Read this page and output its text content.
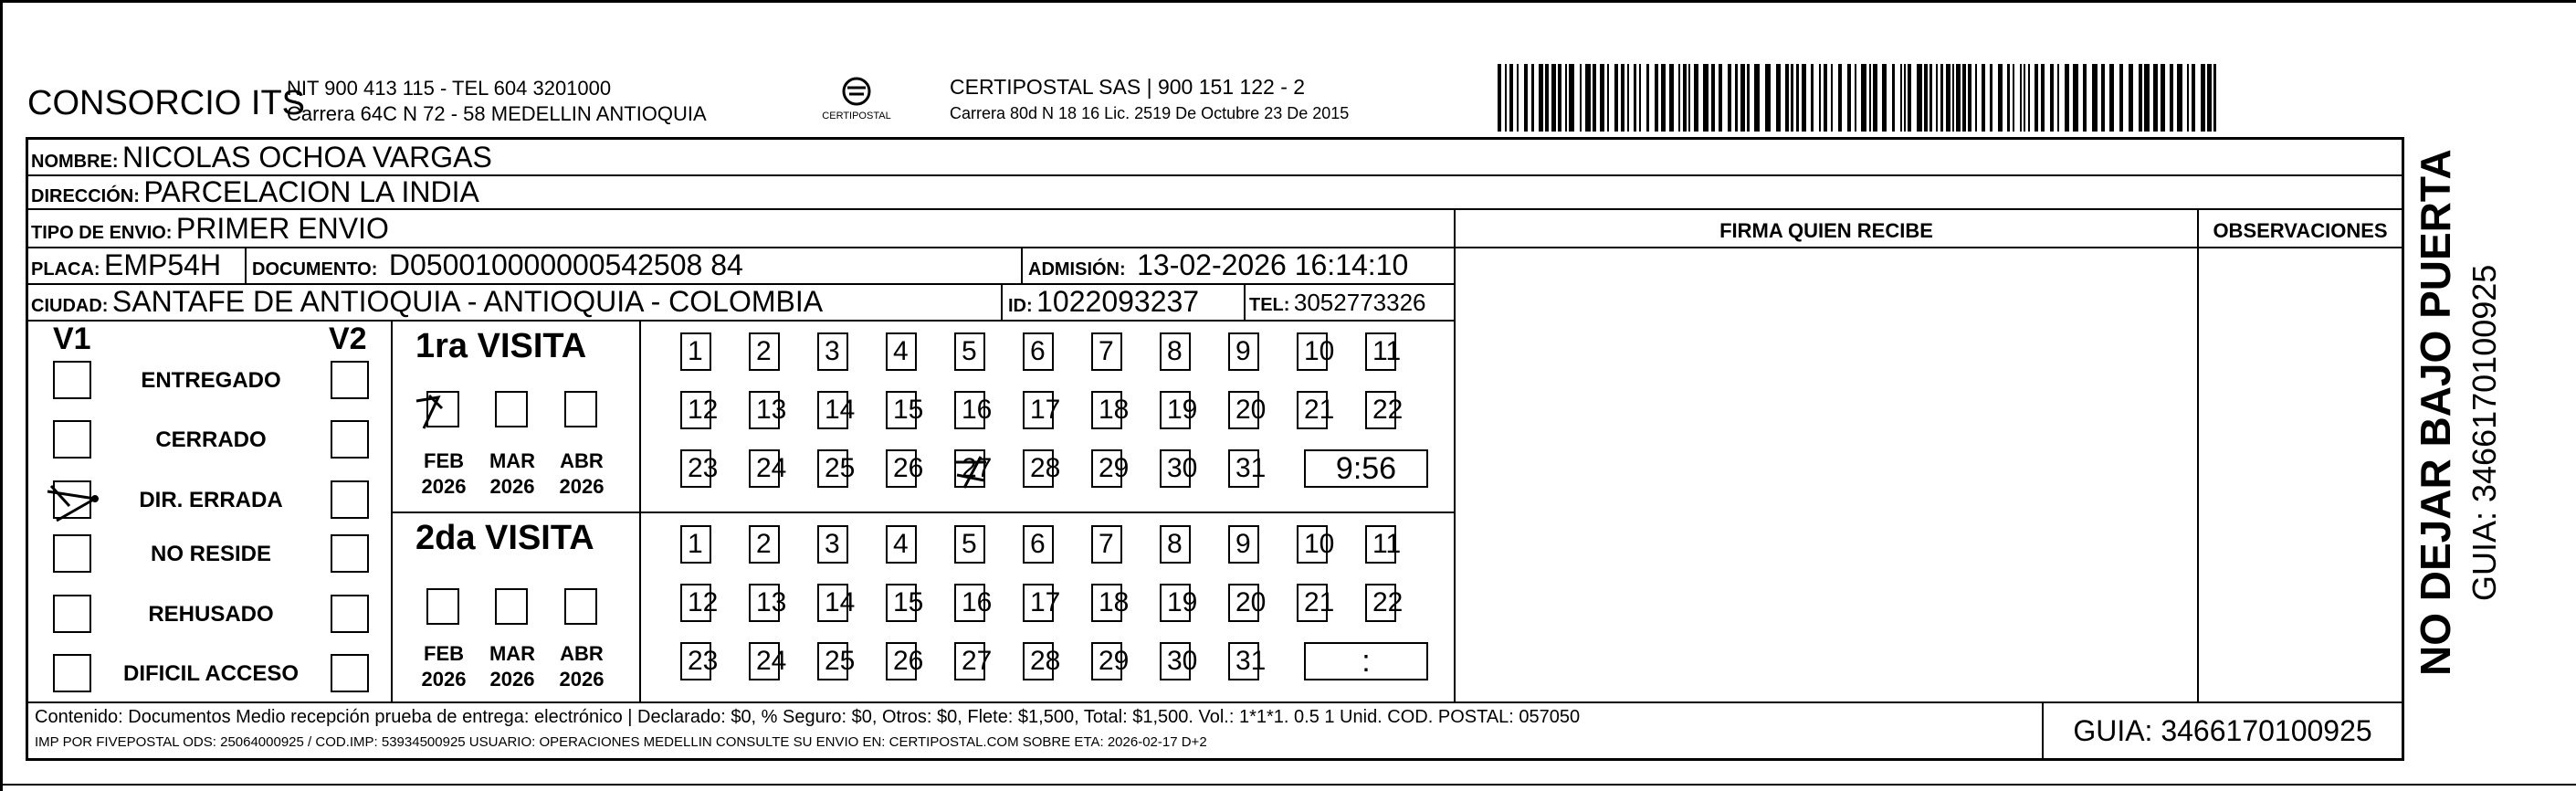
CONSORCIO ITS
NIT 900 413 115 - TEL 604 3201000
Carrera 64C N 72 - 58 MEDELLIN ANTIOQUIA	CERTIPOSTAL
CERTIPOSTAL SAS | 900 151 122 - 2
Carrera 80d N 18 16 Lic. 2519 De Octubre 23 De 2015
NOMBRE: NICOLAS OCHOA VARGAS
DIRECCIÓN: PARCELACION LA INDIA
TIPO DE ENVIO: PRIMER ENVIO
PLACA: EMP54H DOCUMENTO: D050010000000542508 84	ADMISIÓN: 13-02-2026 16:14:10
CIUDAD: SANTAFE DE ANTIOQUIA - ANTIOQUIA - COLOMBIA	ID: 1022093237	TEL: 3052773326
FIRMA QUIEN RECIBE	OBSERVACIONES
V1	V2
ENTREGADO
CERRADO
DIR. ERRADA
NO RESIDE
REHUSADO
DIFICIL ACCESO
1ra VISITA
2da VISITA
1	2	3	4	5	6	7	8	9	10 11
12 13 14 15 16 17 18 19 20 21 22
23 24 25 26 27 28 29 30 31	9:56
1	2	3	4	5	6	7	8	9	10 11
12 13 14 15 16 17 18 19 20 21 22
23 24 25 26 27 28 29 30 31	:
FEB
2026
MAR
2026
ABR
2026
FEB
2026
MAR
2026
ABR
2026
Contenido: Documentos Medio recepción prueba de entrega: electrónico | Declarado: $0, % Seguro: $0, Otros: $0, Flete: $1,500, Total: $1,500. Vol.: 1*1*1. 0.5 1 Unid. COD. POSTAL: 057050
IMP POR FIVEPOSTAL ODS: 25064000925 / COD.IMP: 53934500925 USUARIO: OPERACIONES MEDELLIN CONSULTE SU ENVIO EN: CERTIPOSTAL.COM SOBRE ETA: 2026-02-17 D+2	GUIA: 3466170100925
NO DEJAR BAJO PUERTA GUIA: 3466170100925
